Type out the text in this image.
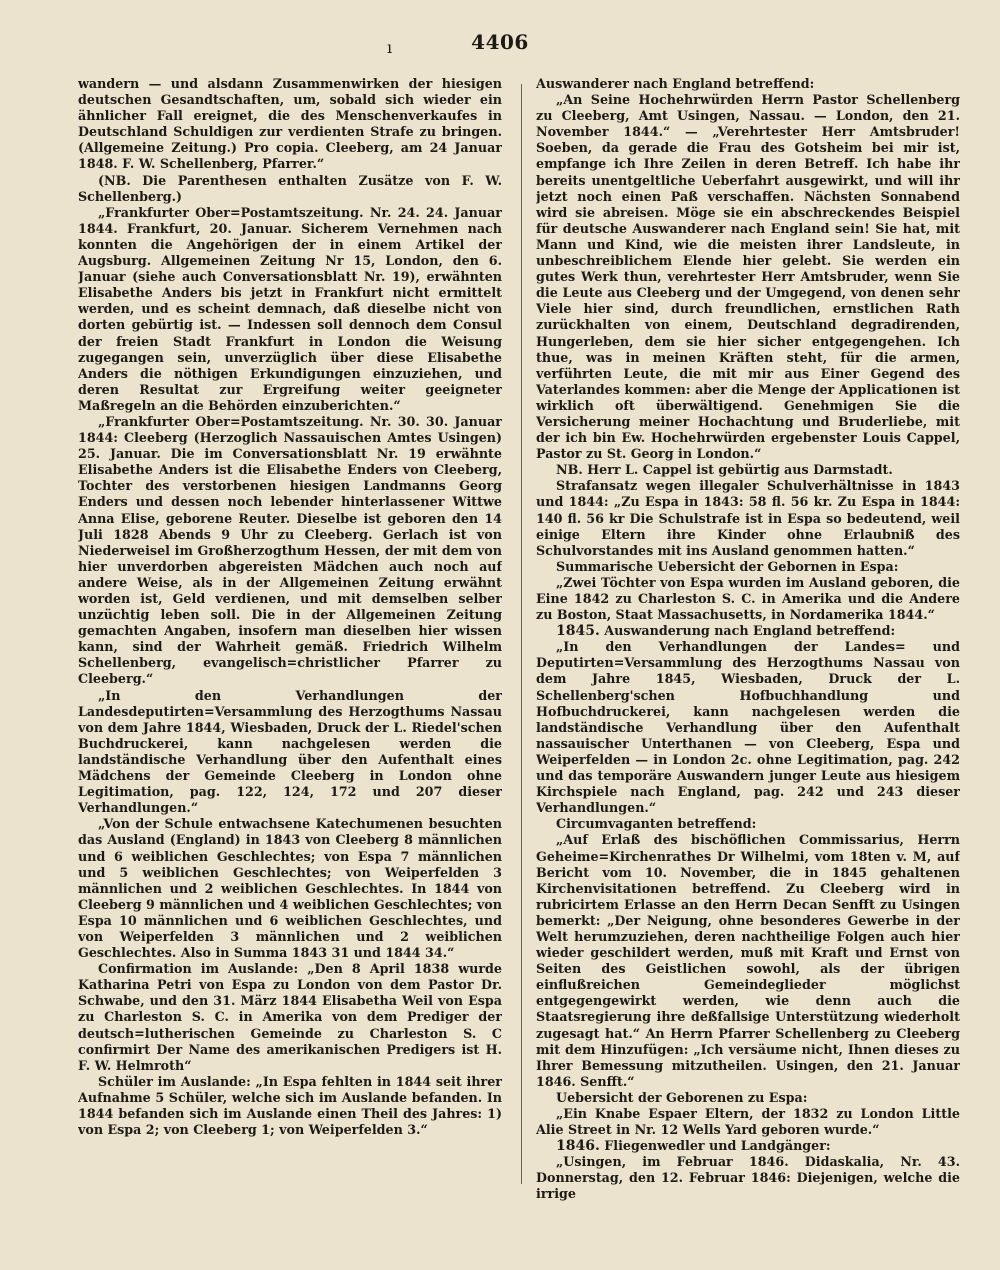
4406
ı

wandern — und alsdann Zusammenwirken der hiesigen deutschen Gesandtschaften, um, sobald sich wieder ein ähnlicher Fall ereignet, die des Menschenverkaufes in Deutschland Schuldigen zur verdienten Strafe zu bringen. (Allgemeine Zeitung.) Pro copia. Cleeberg, am 24 Januar 1848. F. W. Schellenberg, Pfarrer.“

(NB. Die Parenthesen enthalten Zusätze von F. W. Schellenberg.)

„Frankfurter Ober=Postamtszeitung. Nr. 24. 24. Januar 1844. Frankfurt, 20. Januar. Sicherem Vernehmen nach konnten die Angehörigen der in einem Artikel der Augsburg. Allgemeinen Zeitung Nr 15, London, den 6. Januar (siehe auch Conversationsblatt Nr. 19), erwähnten Elisabethe Anders bis jetzt in Frankfurt nicht ermittelt werden, und es scheint demnach, daß dieselbe nicht von dorten gebürtig ist. — Indessen soll dennoch dem Consul der freien Stadt Frankfurt in London die Weisung zugegangen sein, unverzüglich über diese Elisabethe Anders die nöthigen Erkundigungen einzuziehen, und deren Resultat zur Ergreifung weiter geeigneter Maßregeln an die Behörden einzuberichten.“

„Frankfurter Ober=Postamtszeitung. Nr. 30. 30. Januar 1844: Cleeberg (Herzoglich Nassauischen Amtes Usingen) 25. Januar. Die im Conversationsblatt Nr. 19 erwähnte Elisabethe Anders ist die Elisabethe Enders von Cleeberg, Tochter des verstorbenen hiesigen Landmanns Georg Enders und dessen noch lebender hinterlassener Wittwe Anna Elise, geborene Reuter. Dieselbe ist geboren den 14 Juli 1828 Abends 9 Uhr zu Cleeberg. Gerlach ist von Niederweisel im Großherzogthum Hessen, der mit dem von hier unverdorben abgereisten Mädchen auch noch auf andere Weise, als in der Allgemeinen Zeitung erwähnt worden ist, Geld verdienen, und mit demselben selber unzüchtig leben soll. Die in der Allgemeinen Zeitung gemachten Angaben, insofern man dieselben hier wissen kann, sind der Wahrheit gemäß. Friedrich Wilhelm Schellenberg, evangelisch=christlicher Pfarrer zu Cleeberg.“

„In den Verhandlungen der Landesdeputirten=Versammlung des Herzogthums Nassau von dem Jahre 1844, Wiesbaden, Druck der L. Riedel'schen Buchdruckerei, kann nachgelesen werden die landständische Verhandlung über den Aufenthalt eines Mädchens der Gemeinde Cleeberg in London ohne Legitimation, pag. 122, 124, 172 und 207 dieser Verhandlungen.“

„Von der Schule entwachsene Katechumenen besuchten das Ausland (England) in 1843 von Cleeberg 8 männlichen und 6 weiblichen Geschlechtes; von Espa 7 männlichen und 5 weiblichen Geschlechtes; von Weiperfelden 3 männlichen und 2 weiblichen Geschlechtes. In 1844 von Cleeberg 9 männlichen und 4 weiblichen Geschlechtes; von Espa 10 männlichen und 6 weiblichen Geschlechtes, und von Weiperfelden 3 männlichen und 2 weiblichen Geschlechtes. Also in Summa 1843 31 und 1844 34.“

Confirmation im Auslande: „Den 8 April 1838 wurde Katharina Petri von Espa zu London von dem Pastor Dr. Schwabe, und den 31. März 1844 Elisabetha Weil von Espa zu Charleston S. C. in Amerika von dem Prediger der deutsch=lutherischen Gemeinde zu Charleston S. C confirmirt Der Name des amerikanischen Predigers ist H. F. W. Helmroth“

Schüler im Auslande: „In Espa fehlten in 1844 seit ihrer Aufnahme 5 Schüler, welche sich im Auslande befanden. In 1844 befanden sich im Auslande einen Theil des Jahres: 1) von Espa 2; von Cleeberg 1; von Weiperfelden 3.“

Auswanderer nach England betreffend:

„An Seine Hochehrwürden Herrn Pastor Schellenberg zu Cleeberg, Amt Usingen, Nassau. — London, den 21. November 1844.“ — „Verehrtester Herr Amtsbruder! Soeben, da gerade die Frau des Gotsheim bei mir ist, empfange ich Ihre Zeilen in deren Betreff. Ich habe ihr bereits unentgeltliche Ueberfahrt ausgewirkt, und will ihr jetzt noch einen Paß verschaffen. Nächsten Sonnabend wird sie abreisen. Möge sie ein abschreckendes Beispiel für deutsche Auswanderer nach England sein! Sie hat, mit Mann und Kind, wie die meisten ihrer Landsleute, in unbeschreiblichem Elende hier gelebt. Sie werden ein gutes Werk thun, verehrtester Herr Amtsbruder, wenn Sie die Leute aus Cleeberg und der Umgegend, von denen sehr Viele hier sind, durch freundlichen, ernstlichen Rath zurückhalten von einem, Deutschland degradirenden, Hungerleben, dem sie hier sicher entgegengehen. Ich thue, was in meinen Kräften steht, für die armen, verführten Leute, die mit mir aus Einer Gegend des Vaterlandes kommen: aber die Menge der Applicationen ist wirklich oft überwältigend. Genehmigen Sie die Versicherung meiner Hochachtung und Bruderliebe, mit der ich bin Ew. Hochehrwürden ergebenster Louis Cappel, Pastor zu St. Georg in London.“

NB. Herr L. Cappel ist gebürtig aus Darmstadt.

Strafansatz wegen illegaler Schulverhältnisse in 1843 und 1844: „Zu Espa in 1843: 58 fl. 56 kr. Zu Espa in 1844: 140 fl. 56 kr Die Schulstrafe ist in Espa so bedeutend, weil einige Eltern ihre Kinder ohne Erlaubniß des Schulvorstandes mit ins Ausland genommen hatten.“

Summarische Uebersicht der Gebornen in Espa:

„Zwei Töchter von Espa wurden im Ausland geboren, die Eine 1842 zu Charleston S. C. in Amerika und die Andere zu Boston, Staat Massachusetts, in Nordamerika 1844.“

1845. Auswanderung nach England betreffend:

„In den Verhandlungen der Landes= und Deputirten=Versammlung des Herzogthums Nassau von dem Jahre 1845, Wiesbaden, Druck der L. Schellenberg'schen Hofbuchhandlung und Hofbuchdruckerei, kann nachgelesen werden die landständische Verhandlung über den Aufenthalt nassauischer Unterthanen — von Cleeberg, Espa und Weiperfelden — in London 2c. ohne Legitimation, pag. 242 und das temporäre Auswandern junger Leute aus hiesigem Kirchspiele nach England, pag. 242 und 243 dieser Verhandlungen.“

Circumvaganten betreffend:

„Auf Erlaß des bischöflichen Commissarius, Herrn Geheime=Kirchenrathes Dr Wilhelmi, vom 18ten v. M, auf Bericht vom 10. November, die in 1845 gehaltenen Kirchenvisitationen betreffend. Zu Cleeberg wird in rubricirtem Erlasse an den Herrn Decan Senfft zu Usingen bemerkt: „Der Neigung, ohne besonderes Gewerbe in der Welt herumzuziehen, deren nachtheilige Folgen auch hier wieder geschildert werden, muß mit Kraft und Ernst von Seiten des Geistlichen sowohl, als der übrigen einflußreichen Gemeindeglieder möglichst entgegengewirkt werden, wie denn auch die Staatsregierung ihre deßfallsige Unterstützung wiederholt zugesagt hat.“ An Herrn Pfarrer Schellenberg zu Cleeberg mit dem Hinzufügen: „Ich versäume nicht, Ihnen dieses zu Ihrer Bemessung mitzutheilen. Usingen, den 21. Januar 1846. Senfft.“

Uebersicht der Geborenen zu Espa:

„Ein Knabe Espaer Eltern, der 1832 zu London Little Alie Street in Nr. 12 Wells Yard geboren wurde.“

1846. Fliegenwedler und Landgänger:

„Usingen, im Februar 1846. Didaskalia, Nr. 43. Donnerstag, den 12. Februar 1846: Diejenigen, welche die irrige
